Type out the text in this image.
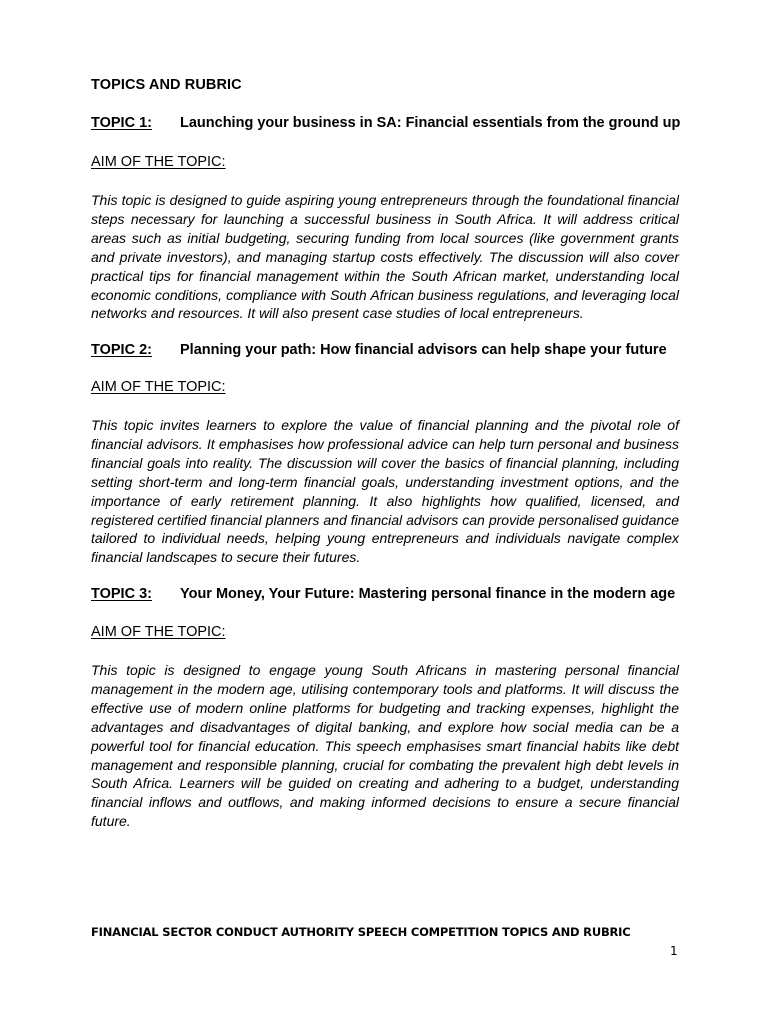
TOPICS AND RUBRIC
TOPIC 1: Launching your business in SA: Financial essentials from the ground up
AIM OF THE TOPIC:

This topic is designed to guide aspiring young entrepreneurs through the foundational financial steps necessary for launching a successful business in South Africa. It will address critical areas such as initial budgeting, securing funding from local sources (like government grants and private investors), and managing startup costs effectively. The discussion will also cover practical tips for financial management within the South African market, understanding local economic conditions, compliance with South African business regulations, and leveraging local networks and resources. It will also present case studies of local entrepreneurs.

TOPIC 2: Planning your path: How financial advisors can help shape your future
AIM OF THE TOPIC:

This topic invites learners to explore the value of financial planning and the pivotal role of financial advisors. It emphasises how professional advice can help turn personal and business financial goals into reality. The discussion will cover the basics of financial planning, including setting short-term and long-term financial goals, understanding investment options, and the importance of early retirement planning. It also highlights how qualified, licensed, and registered certified financial planners and financial advisors can provide personalised guidance tailored to individual needs, helping young entrepreneurs and individuals navigate complex financial landscapes to secure their futures.

TOPIC 3: Your Money, Your Future: Mastering personal finance in the modern age
AIM OF THE TOPIC:

This topic is designed to engage young South Africans in mastering personal financial management in the modern age, utilising contemporary tools and platforms. It will discuss the effective use of modern online platforms for budgeting and tracking expenses, highlight the advantages and disadvantages of digital banking, and explore how social media can be a powerful tool for financial education. This speech emphasises smart financial habits like debt management and responsible planning, crucial for combating the prevalent high debt levels in South Africa. Learners will be guided on creating and adhering to a budget, understanding financial inflows and outflows, and making informed decisions to ensure a secure financial future.

FINANCIAL SECTOR CONDUCT AUTHORITY SPEECH COMPETITION TOPICS AND RUBRIC
1
